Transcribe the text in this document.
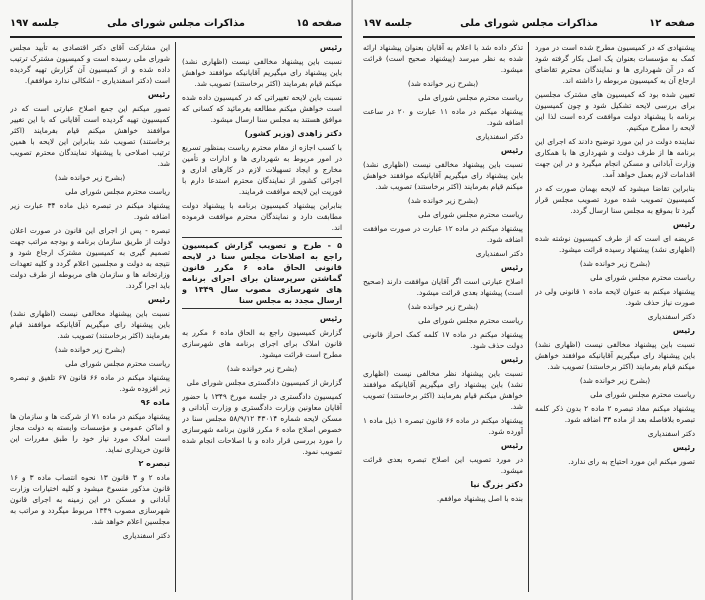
صفحه ۱۵
مذاکرات مجلس شورای ملی
جلسه ۱۹۷

رئیس

نسبت باین پیشنهاد مخالفی نیست (اظهاری نشد) باین پیشنهاد رای میگیریم آقایانیکه موافقند خواهش میکنم قیام بفرمایند (اکثر برخاستند) تصویب شد.

نسبت باین لایحه تغییراتی که در کمیسیون داده شده است خواهش میکنم مطالعه بفرمائید که کسانی که موافق هستند به مجلس سنا ارسال میشود.

دکتر زاهدی (وزیر کشور)

با کسب اجازه از مقام محترم ریاست بمنظور تسریع در امور مربوط به شهرداری ها و ادارات و تأمین مخارج و ایجاد تسهیلات لازم در کارهای اداری و اجرائی کشور از نمایندگان محترم استدعا دارم با فوریت این لایحه موافقت فرمایند.

بنابراین پیشنهاد کمیسیون برنامه با پیشنهاد دولت مطابقت دارد و نمایندگان محترم موافقت فرموده اند.

۵ - طرح و تصویب گزارش کمیسیون راجع به اصلاحات مجلس سنا در لایحه قانونی الحاق ماده ۶ مکرر قانون گماشتن سرپرستان برای اجرای برنامه های شهرسازی مصوب سال ۱۳۴۹ و ارسال مجدد به مجلس سنا

رئیس

گزارش کمیسیون راجع به الحاق ماده ۶ مکرر به قانون املاک برای اجرای برنامه های شهرسازی مطرح است قرائت میشود.

(بشرح زیر خوانده شد)

گزارش از کمیسیون دادگستری مجلس شورای ملی

کمیسیون دادگستری در جلسه مورخ ۱۳۴۹ با حضور آقایان معاونین وزارت دادگستری و وزارت آبادانی و مسکن لایحه شماره ۴۳۰۱۴ ۵۸/۹/۱۲ مجلس سنا در خصوص اصلاح ماده ۶ مکرر قانون برنامه شهرسازی را مورد بررسی قرار داده و با اصلاحات انجام شده تصویب نمود.

این مشارکت آقای دکتر اقتصادی به تأیید مجلس شورای ملی رسیده است و کمیسیون مشترک ترتیب داده شده و از کمیسیون آن گزارش تهیه گردیده است (دکتر اسفندیاری - اشکالی ندارد موافقم).

رئیس

تصور میکنم این جمع اصلاح عبارتی است که در کمیسیون تهیه گردیده است آقایانی که با این تغییر موافقند خواهش میکنم قیام بفرمایند (اکثر برخاستند) تصویب شد بنابراین این لایحه با همین ترتیب اصلاحی با پیشنهاد نمایندگان محترم تصویب شد.

(بشرح زیر خوانده شد)

ریاست محترم مجلس شورای ملی

پیشنهاد میکنم در تبصره ذیل ماده ۳۴ عبارت زیر اضافه شود.

تبصره - پس از اجرای این قانون در صورت اعلان دولت از طریق سازمان برنامه و بودجه مراتب جهت تصمیم گیری به کمیسیون مشترک ارجاع شود و نتیجه به دولت و مجلسین اعلام گردد و کلیه تعهدات وزارتخانه ها و سازمان های مربوطه از طرف دولت باید اجرا گردد.

رئیس

نسبت باین پیشنهاد مخالفی نیست (اظهاری نشد) باین پیشنهاد رای میگیریم آقایانیکه موافقند قیام بفرمایند (اکثر برخاستند) تصویب شد.

(بشرح زیر خوانده شد)

ریاست محترم مجلس شورای ملی

پیشنهاد میکنم در ماده ۶۶ قانون ۶۷ تلفیق و تبصره زیر افزوده شود.

ماده ۹۶

پیشنهاد میکنم در ماده ۷۱ از شرکت ها و سازمان ها و اماکن عمومی و مؤسسات وابسته به دولت مجاز است املاک مورد نیاز خود را طبق مقررات این قانون خریداری نماید.

تبصره ۲

ماده ۲ و ۳ قانون ۱۳ نحوه انتصاب ماده ۳ و ۱۶ قانون مذکور منسوخ میشود و کلیه اختیارات وزارت آبادانی و مسکن در این زمینه به اجرای قانون شهرسازی مصوب ۱۳۴۹ مربوط میگردد و مراتب به مجلسین اعلام خواهد شد.

دکتر اسفندیاری

صفحه ۱۲
مذاکرات مجلس شورای ملی
جلسه ۱۹۷

پیشنهادی که در کمیسیون مطرح شده است در مورد کمک به مؤسسات بعنوان یک اصل بکار گرفته شود که در آن شهرداری ها و نمایندگان محترم تقاضای ارجاع آن به کمیسیون مربوطه را داشته اند.

تعیین شده بود که کمیسیون های مشترک مجلسین برای بررسی لایحه تشکیل شود و چون کمیسیون برنامه با پیشنهاد دولت موافقت کرده است لذا این لایحه را مطرح میکنیم.

نماینده دولت در این مورد توضیح دادند که اجرای این برنامه ها از طرف دولت و شهرداری ها با همکاری وزارت آبادانی و مسکن انجام میگیرد و در این جهت اقدامات لازم بعمل خواهد آمد.

بنابراین تقاضا میشود که لایحه بهمان صورت که در کمیسیون تصویب شده مورد تصویب مجلس قرار گیرد تا بموقع به مجلس سنا ارسال گردد.

رئیس

عریضه ای است که از طرف کمیسیون نوشته شده (اظهاری نشد) پیشنهاد رسیده قرائت میشود.

(بشرح زیر خوانده شد)

ریاست محترم مجلس شورای ملی

پیشنهاد میکنم به عنوان لایحه ماده ۱ قانونی ولی در صورت نیاز حذف شود.

دکتر اسفندیاری

رئیس

نسبت باین پیشنهاد مخالفی نیست (اظهاری نشد) باین پیشنهاد رای میگیریم آقایانیکه موافقند خواهش میکنم قیام بفرمایند (اکثر برخاستند) تصویب شد.

(بشرح زیر خوانده شد)

ریاست محترم مجلس شورای ملی

پیشنهاد میکنم مفاد تبصره ۲ ماده ۲ بدون ذکر کلمه تبصره بلافاصله بعد از ماده ۳۳ اضافه شود.

دکتر اسفندیاری

رئیس

تصور میکنم این مورد احتیاج به رای ندارد.

تذکر داده شد با اعلام به آقایان بعنوان پیشنهاد ارائه شده به نظر میرسد (پیشنهاد صحیح است) قرائت میشود.

(بشرح زیر خوانده شد)

ریاست محترم مجلس شورای ملی

پیشنهاد میکنم در ماده ۱۱ عبارت و ۲۰ در ساعت اضافه شود.

دکتر اسفندیاری

رئیس

نسبت باین پیشنهاد مخالفی نیست (اظهاری نشد) باین پیشنهاد رای میگیریم آقایانیکه موافقند خواهش میکنم قیام بفرمایند (اکثر برخاستند) تصویب شد.

(بشرح زیر خوانده شد)

ریاست محترم مجلس شورای ملی

پیشنهاد میکنم در ماده ۱۲ عبارت در صورت موافقت اضافه شود.

دکتر اسفندیاری

رئیس

اصلاح عبارتی است اگر آقایان موافقت دارند (صحیح است) پیشنهاد بعدی قرائت میشود.

(بشرح زیر خوانده شد)

ریاست محترم مجلس شورای ملی

پیشنهاد میکنم در ماده ۱۷ کلمه کمک احراز قانونی دولت حذف شود.

رئیس

نسبت باین پیشنهاد نظر مخالفی نیست (اظهاری نشد) باین پیشنهاد رای میگیریم آقایانیکه موافقند خواهش میکنم قیام بفرمایند (اکثر برخاستند) تصویب شد.

پیشنهاد میکنم در ماده ۶۶ قانون تبصره ۱ ذیل ماده ۱ آورده شود.

رئیس

در مورد تصویب این اصلاح تبصره بعدی قرائت میشود.

دکتر بزرگ نیا

بنده با اصل پیشنهاد موافقم.
